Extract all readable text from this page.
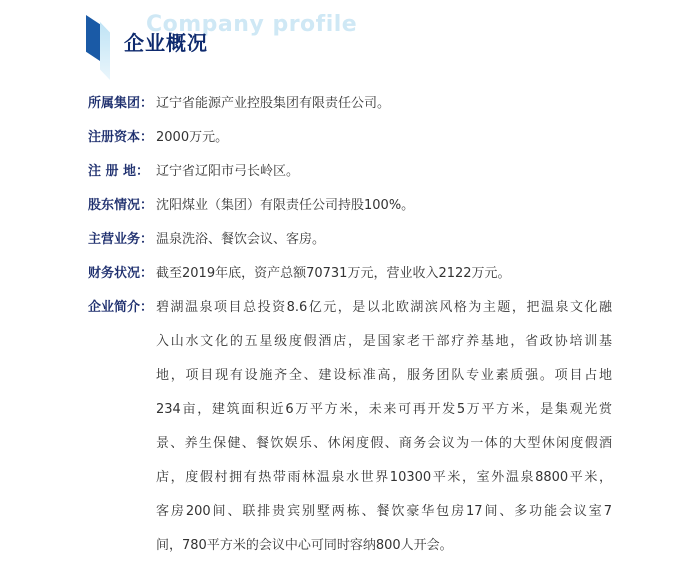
Company profile
企业概况
所属集团： 辽宁省能源产业控股集团有限责任公司。
注册资本： 2000万元。
注 册 地： 辽宁省辽阳市弓长岭区。
股东情况： 沈阳煤业（集团）有限责任公司持股100%。
主营业务： 温泉洗浴、餐饮会议、客房。
财务状况： 截至2019年底，资产总额70731万元，营业收入2122万元。
企业简介： 碧湖温泉项目总投资8.6亿元，是以北欧湖滨风格为主题，把温泉文化融
入山水文化的五星级度假酒店，是国家老干部疗养基地，省政协培训基
地，项目现有设施齐全、建设标准高，服务团队专业素质强。项目占地
234亩，建筑面积近6万平方米，未来可再开发5万平方米，是集观光赏
景、养生保健、餐饮娱乐、休闲度假、商务会议为一体的大型休闲度假酒
店，度假村拥有热带雨林温泉水世界10300平米，室外温泉8800平米，
客房200间、联排贵宾别墅两栋、餐饮豪华包房17间、多功能会议室7
间，780平方米的会议中心可同时容纳800人开会。
